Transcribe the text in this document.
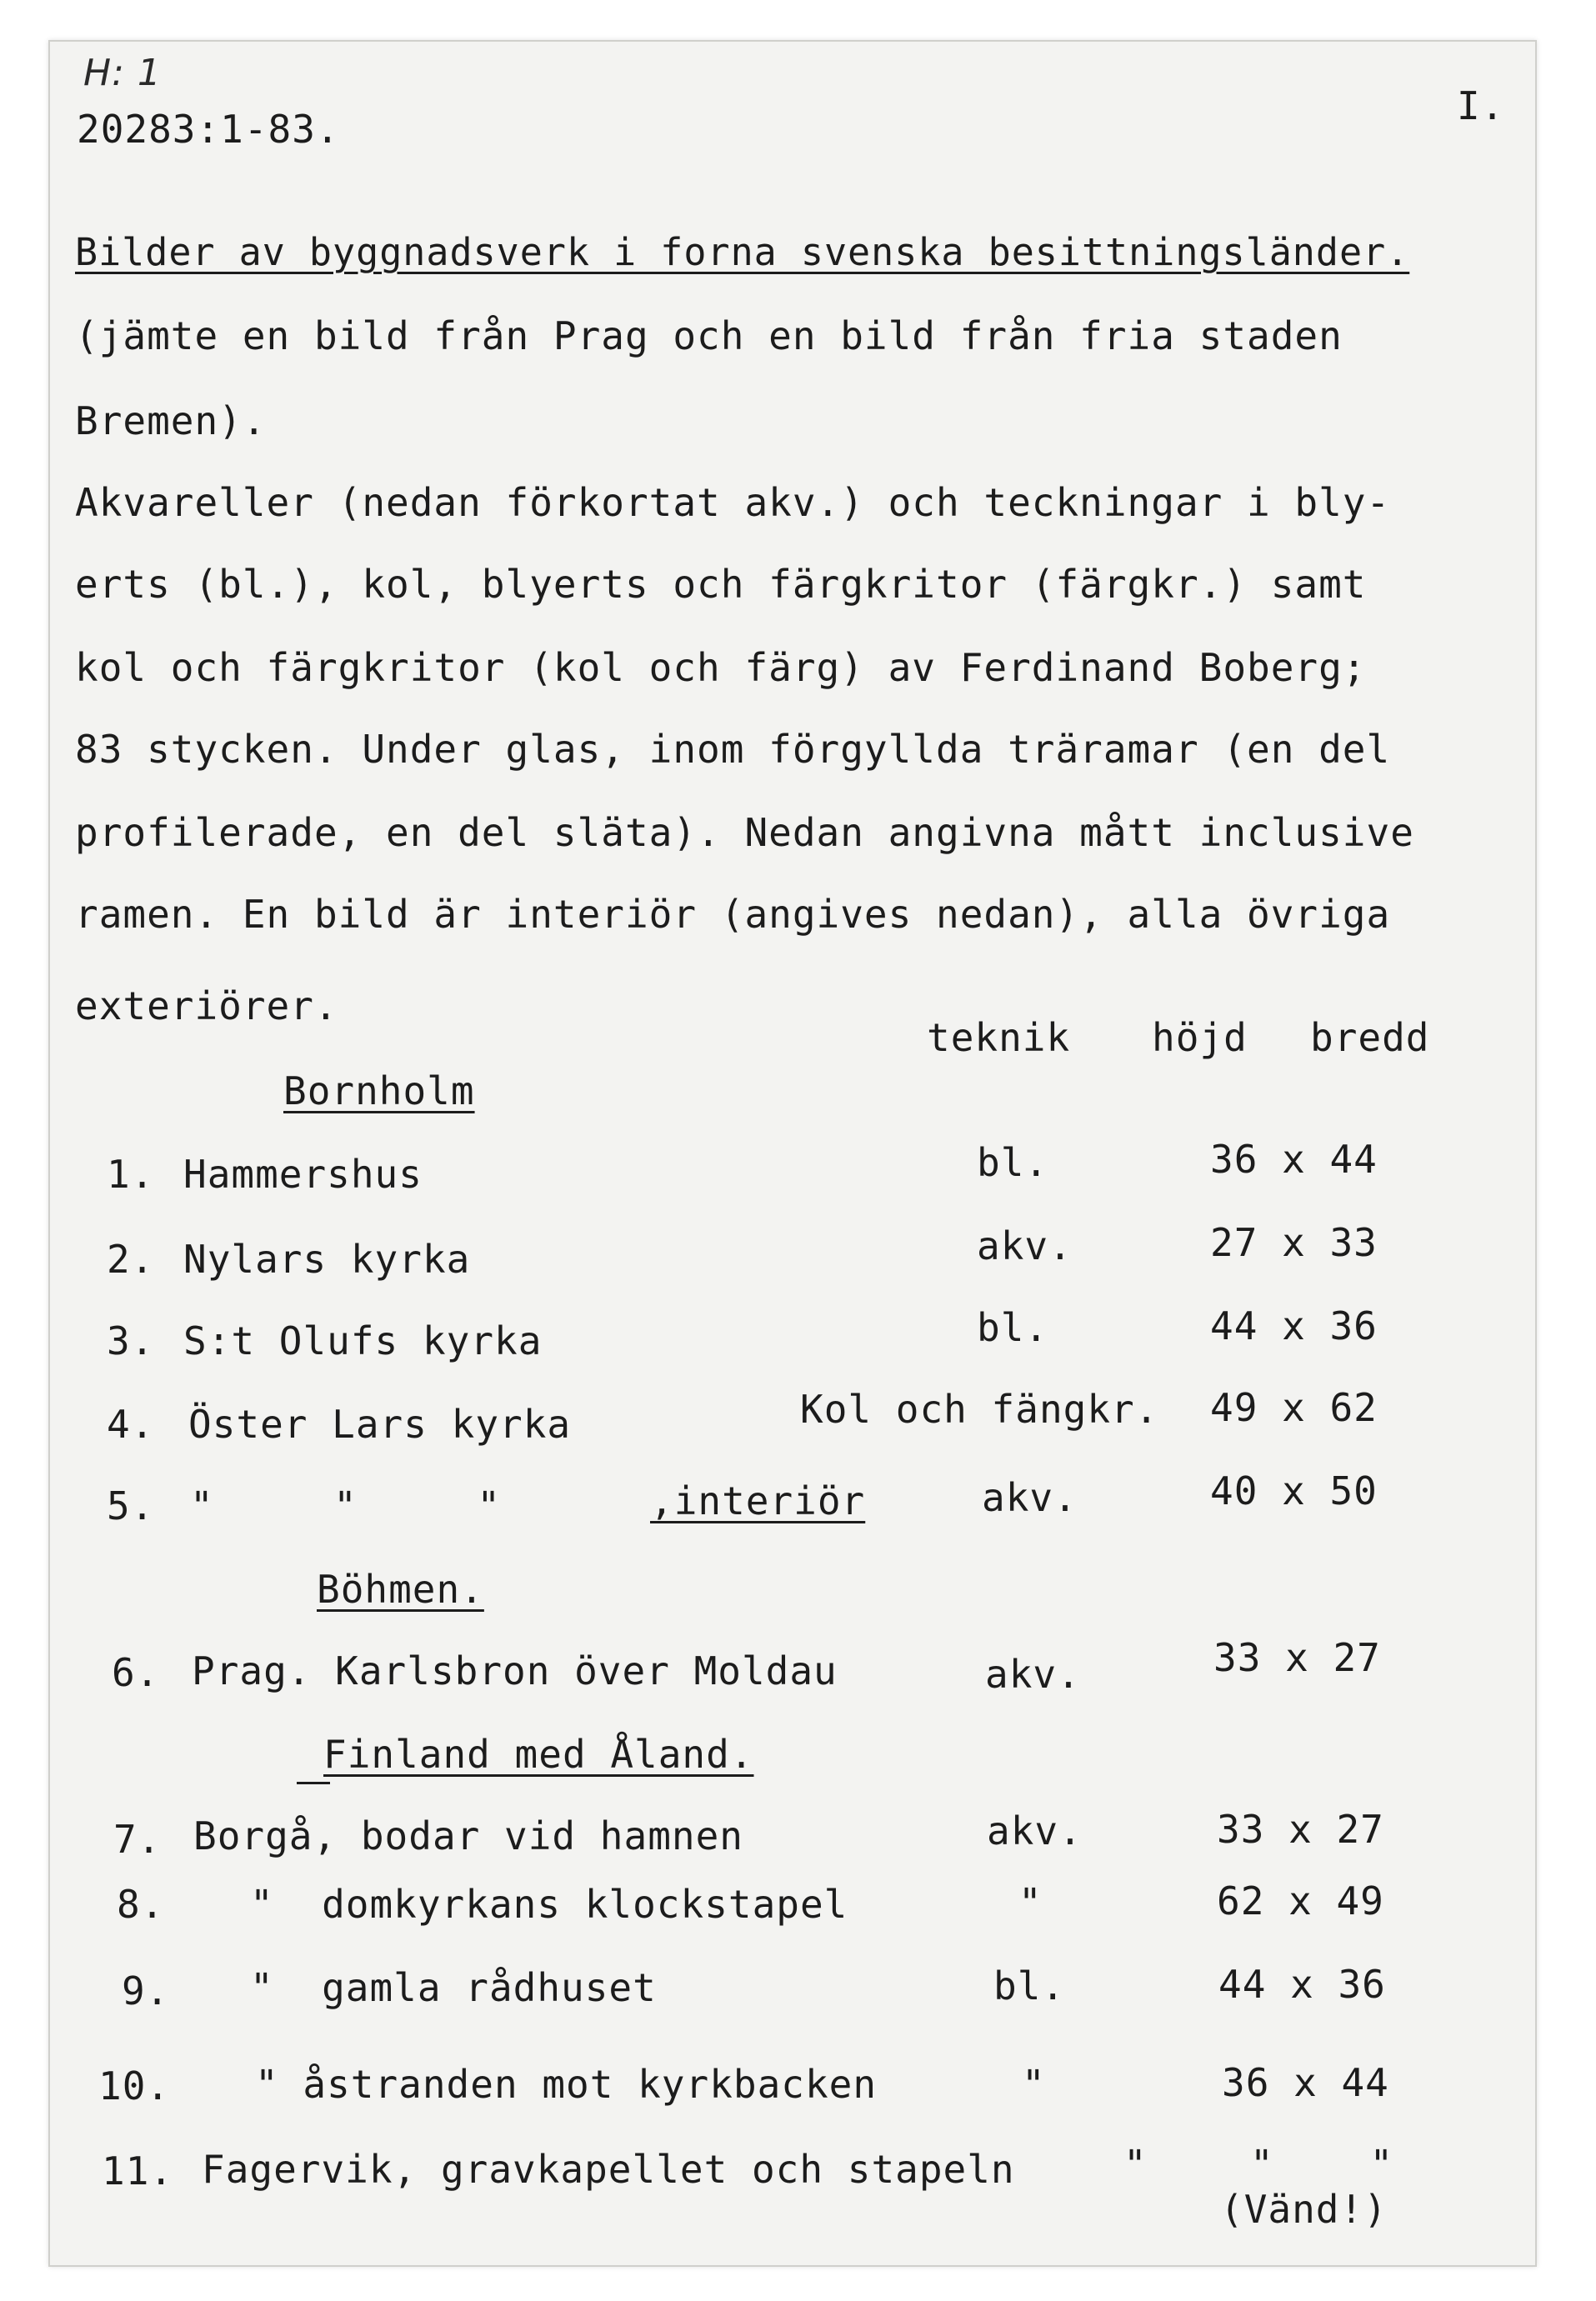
H: 1
20283:1-83.
I.
Bilder av byggnadsverk i forna svenska besittningsländer.
(jämte en bild från Prag och en bild från fria staden
Bremen).
Akvareller (nedan förkortat akv.) och teckningar i bly-
erts (bl.), kol, blyerts och färgkritor (färgkr.) samt
kol och färgkritor (kol och färg) av Ferdinand Boberg;
83 stycken. Under glas, inom förgyllda träramar (en del
profilerade, en del släta). Nedan angivna mått inclusive
ramen. En bild är interiör (angives nedan), alla övriga
exteriörer.
teknik höjd bredd
Bornholm
1. Hammershus	bl.	36 x 44
2. Nylars kyrka	akv.	27 x 33
3. S:t Olufs kyrka	bl.	44 x 36
4. Öster Lars kyrka	Kol och fängkr. 49 x 62
5. "     "     "	,interiör	akv.	40 x 50
Böhmen.
6. Prag. Karlsbron över Moldau	akv.	33 x 27
Finland med Åland.
7. Borgå, bodar vid hamnen	akv.	33 x 27
8. "  domkyrkans klockstapel	"	62 x 49
9. "  gamla rådhuset	bl.	44 x 36
10. " åstranden mot kyrkbacken	"	36 x 44
11. Fagervik, gravkapellet och stapeln	"	"    "
(Vänd!)
